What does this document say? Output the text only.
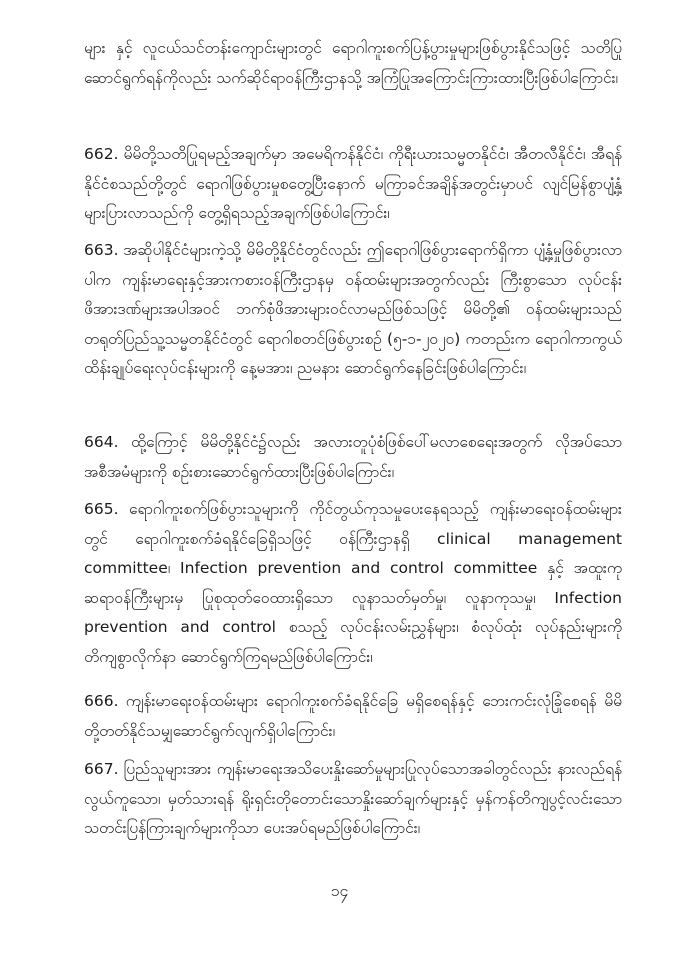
များ နှင့် လူငယ်သင်တန်းကျောင်းများတွင် ရောဂါကူးစက်ပြန့်ပွားမှုများဖြစ်ပွားနိုင်သဖြင့် သတိပြုဆောင်ရွက်ရန်ကိုလည်း သက်ဆိုင်ရာဝန်ကြီးဌာနသို့ အကြံပြုအကြောင်းကြားထားပြီးဖြစ်ပါကြောင်း၊
662. မိမိတို့သတိပြုရမည့်အချက်မှာ အမေရိကန်နိုင်ငံ၊ ကိုရီးယားသမ္မတနိုင်ငံ၊ အီတလီနိုင်ငံ၊ အီရန်နိုင်ငံစသည်တို့တွင် ရောဂါဖြစ်ပွားမှုစတွေ့ပြီးနောက် မကြာခင်အချိန်အတွင်းမှာပင် လျင်မြန်စွာပျံ့နှံ့များပြားလာသည်ကို တွေ့ရှိရသည့်အချက်ဖြစ်ပါကြောင်း၊
663. အဆိုပါနိုင်ငံများကဲ့သို့ မိမိတို့နိုင်ငံတွင်လည်း ဤရောဂါဖြစ်ပွားရောက်ရှိကာ ပျံ့နှံ့မှုဖြစ်ပွားလာပါက ကျန်းမာရေးနှင့်အားကစားဝန်ကြီးဌာနမှ ဝန်ထမ်းများအတွက်လည်း ကြီးစွာသော လုပ်ငန်းဖိအားဒဏ်များအပါအဝင် ဘက်စုံဖိအားများဝင်လာမည်ဖြစ်သဖြင့် မိမိတို့၏ ဝန်ထမ်းများသည် တရုတ်ပြည်သူ့သမ္မတနိုင်ငံတွင် ရောဂါစတင်ဖြစ်ပွားစဉ် (၅-၁-၂၀၂၀) ကတည်းက ရောဂါကာကွယ်ထိန်းချုပ်ရေးလုပ်ငန်းများကို နေ့မအား၊ ညမနား ဆောင်ရွက်နေခြင်းဖြစ်ပါကြောင်း၊
664. ထို့ကြောင့် မိမိတို့နိုင်ငံ၌လည်း အလားတူပုံစံဖြစ်ပေါ်မလာစေရေးအတွက် လိုအပ်သော အစီအမံများကို စဉ်းစားဆောင်ရွက်ထားပြီးဖြစ်ပါကြောင်း၊
665. ရောဂါကူးစက်ဖြစ်ပွားသူများကို ကိုင်တွယ်ကုသမှုပေးနေရသည့် ကျန်းမာရေးဝန်ထမ်းများတွင် ရောဂါကူးစက်ခံရနိုင်ခြေရှိသဖြင့် ဝန်ကြီးဌာနရှိ clinical management committee၊ Infection prevention and control committee နှင့် အထူးကုဆရာဝန်ကြီးများမှ ပြုစုထုတ်ဝေထားရှိသော လူနာသတ်မှတ်မှု၊ လူနာကုသမှု၊ Infection prevention and control စသည့် လုပ်ငန်းလမ်းညွှန်များ၊ စံလုပ်ထုံး လုပ်နည်းများကို တိကျစွာလိုက်နာ ဆောင်ရွက်ကြရမည်ဖြစ်ပါကြောင်း၊
666. ကျန်းမာရေးဝန်ထမ်းများ ရောဂါကူးစက်ခံရနိုင်ခြေ မရှိစေရန်နှင့် ဘေးကင်းလုံခြုံစေရန် မိမိတို့တတ်နိုင်သမျှဆောင်ရွက်လျက်ရှိပါကြောင်း၊
667. ပြည်သူများအား ကျန်းမာရေးအသိပေးနှိုးဆော်မှုများပြုလုပ်သောအခါတွင်လည်း နားလည်ရန်လွယ်ကူသော၊ မှတ်သားရန် ရိုးရှင်းတိုတောင်းသောနှိုးဆော်ချက်များနှင့် မှန်ကန်တိကျပွင့်လင်းသော သတင်းပြန်ကြားချက်များကိုသာ ပေးအပ်ရမည်ဖြစ်ပါကြောင်း၊
၁၄
